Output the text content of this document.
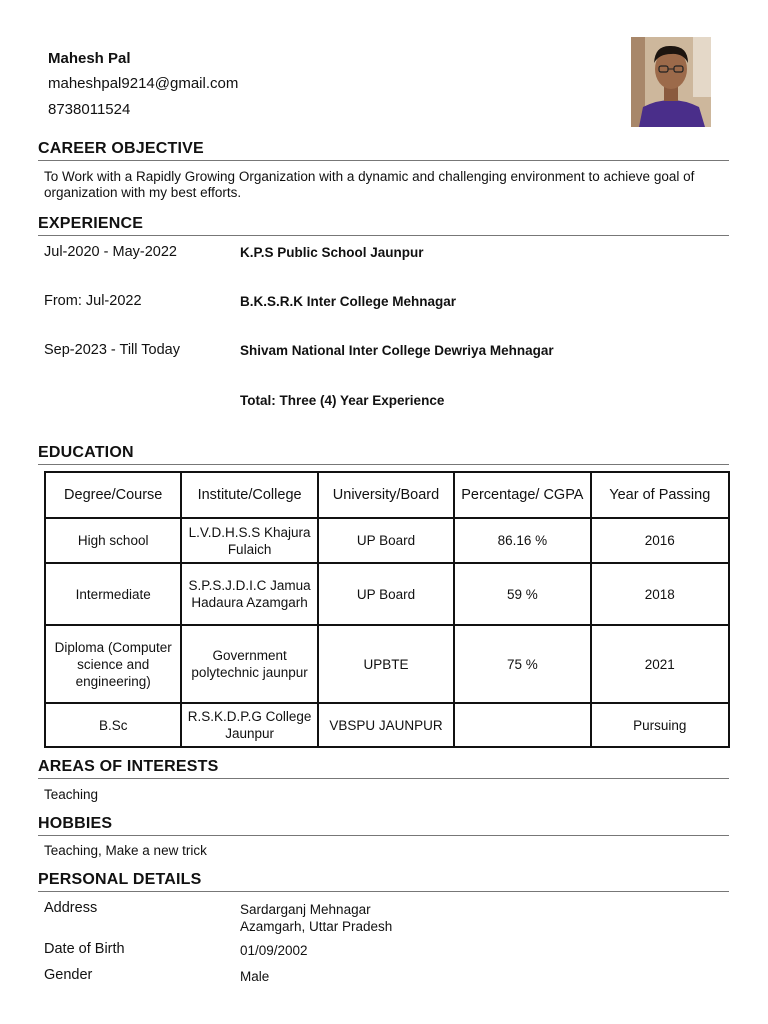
Mahesh Pal
maheshpal9214@gmail.com
8738011524
CAREER OBJECTIVE
To Work with a Rapidly Growing Organization with a dynamic and challenging environment to achieve goal of organization with my best efforts.
EXPERIENCE
Jul-2020 - May-2022	K.P.S Public School Jaunpur
From: Jul-2022	B.K.S.R.K Inter College Mehnagar
Sep-2023 - Till Today	Shivam National Inter College Dewriya Mehnagar
Total: Three (4) Year Experience
EDUCATION
Degree/Course	Institute/College	University/Board	Percentage/ CGPA	Year of Passing
High school	L.V.D.H.S.S Khajura Fulaich	UP Board	86.16 %	2016
Intermediate	S.P.S.J.D.I.C Jamua Hadaura Azamgarh	UP Board	59 %	2018
Diploma (Computer science and engineering)	Government polytechnic jaunpur	UPBTE	75 %	2021
B.Sc	R.S.K.D.P.G College Jaunpur	VBSPU JAUNPUR		Pursuing
AREAS OF INTERESTS
Teaching
HOBBIES
Teaching, Make a new trick
PERSONAL DETAILS
Address	Sardarganj Mehnagar
Azamgarh, Uttar Pradesh
Date of Birth	01/09/2002
Gender	Male
